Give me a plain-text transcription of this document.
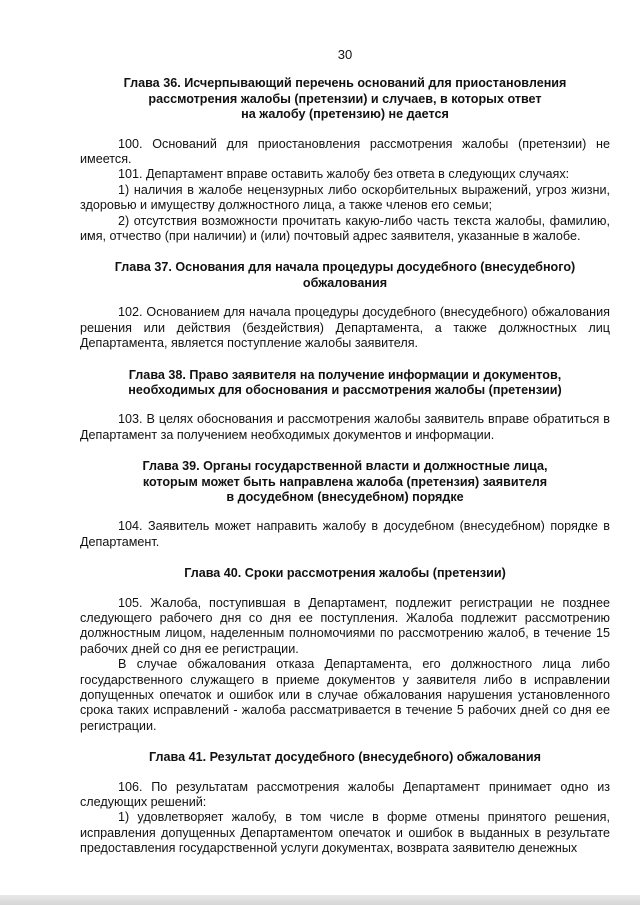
30
Глава 36. Исчерпывающий перечень оснований для приостановления
рассмотрения жалобы (претензии) и случаев, в которых ответ
на жалобу (претензию) не дается

100. Оснований для приостановления рассмотрения жалобы (претензии) не имеется.

101. Департамент вправе оставить жалобу без ответа в следующих случаях:

1) наличия в жалобе нецензурных либо оскорбительных выражений, угроз жизни, здоровью и имуществу должностного лица, а также членов его семьи;

2) отсутствия возможности прочитать какую-либо часть текста жалобы, фамилию, имя, отчество (при наличии) и (или) почтовый адрес заявителя, указанные в жалобе.

Глава 37. Основания для начала процедуры досудебного (внесудебного)
обжалования

102. Основанием для начала процедуры досудебного (внесудебного) обжалования решения или действия (бездействия) Департамента, а также должностных лиц Департамента, является поступление жалобы заявителя.

Глава 38. Право заявителя на получение информации и документов,
необходимых для обоснования и рассмотрения жалобы (претензии)

103. В целях обоснования и рассмотрения жалобы заявитель вправе обратиться в Департамент за получением необходимых документов и информации.

Глава 39. Органы государственной власти и должностные лица,
которым может быть направлена жалоба (претензия) заявителя
в досудебном (внесудебном) порядке

104. Заявитель может направить жалобу в досудебном (внесудебном) порядке в Департамент.

Глава 40. Сроки рассмотрения жалобы (претензии)

105. Жалоба, поступившая в Департамент, подлежит регистрации не позднее следующего рабочего дня со дня ее поступления. Жалоба подлежит рассмотрению должностным лицом, наделенным полномочиями по рассмотрению жалоб, в течение 15 рабочих дней со дня ее регистрации.

В случае обжалования отказа Департамента, его должностного лица либо государственного служащего в приеме документов у заявителя либо в исправлении допущенных опечаток и ошибок или в случае обжалования нарушения установленного срока таких исправлений - жалоба рассматривается в течение 5 рабочих дней со дня ее регистрации.

Глава 41. Результат досудебного (внесудебного) обжалования

106. По результатам рассмотрения жалобы Департамент принимает одно из следующих решений:

1) удовлетворяет жалобу, в том числе в форме отмены принятого решения, исправления допущенных Департаментом опечаток и ошибок в выданных в результате предоставления государственной услуги документах, возврата заявителю денежных
